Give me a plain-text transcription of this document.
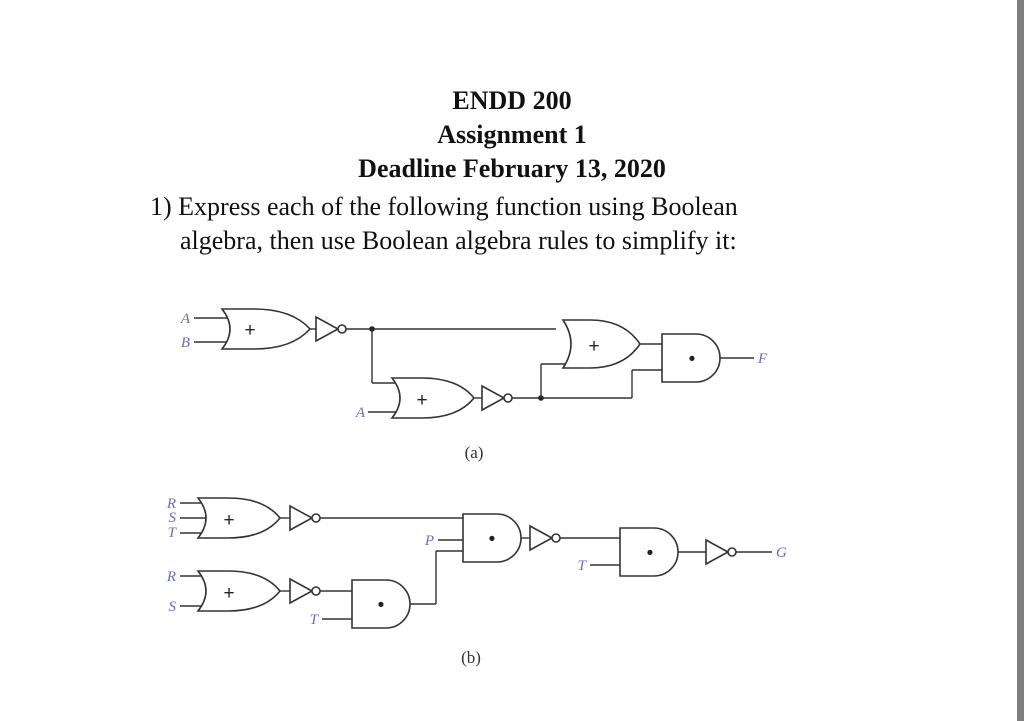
ENDD 200

Assignment 1

Deadline February 13, 2020

1) Express each of the following function using Boolean

algebra, then use Boolean algebra rules to simplify it:

+
+
+
•
A
B
A
F
(a)
+
•
•
+
•
R
S
T
R
S
T
T
P
G
(b)
